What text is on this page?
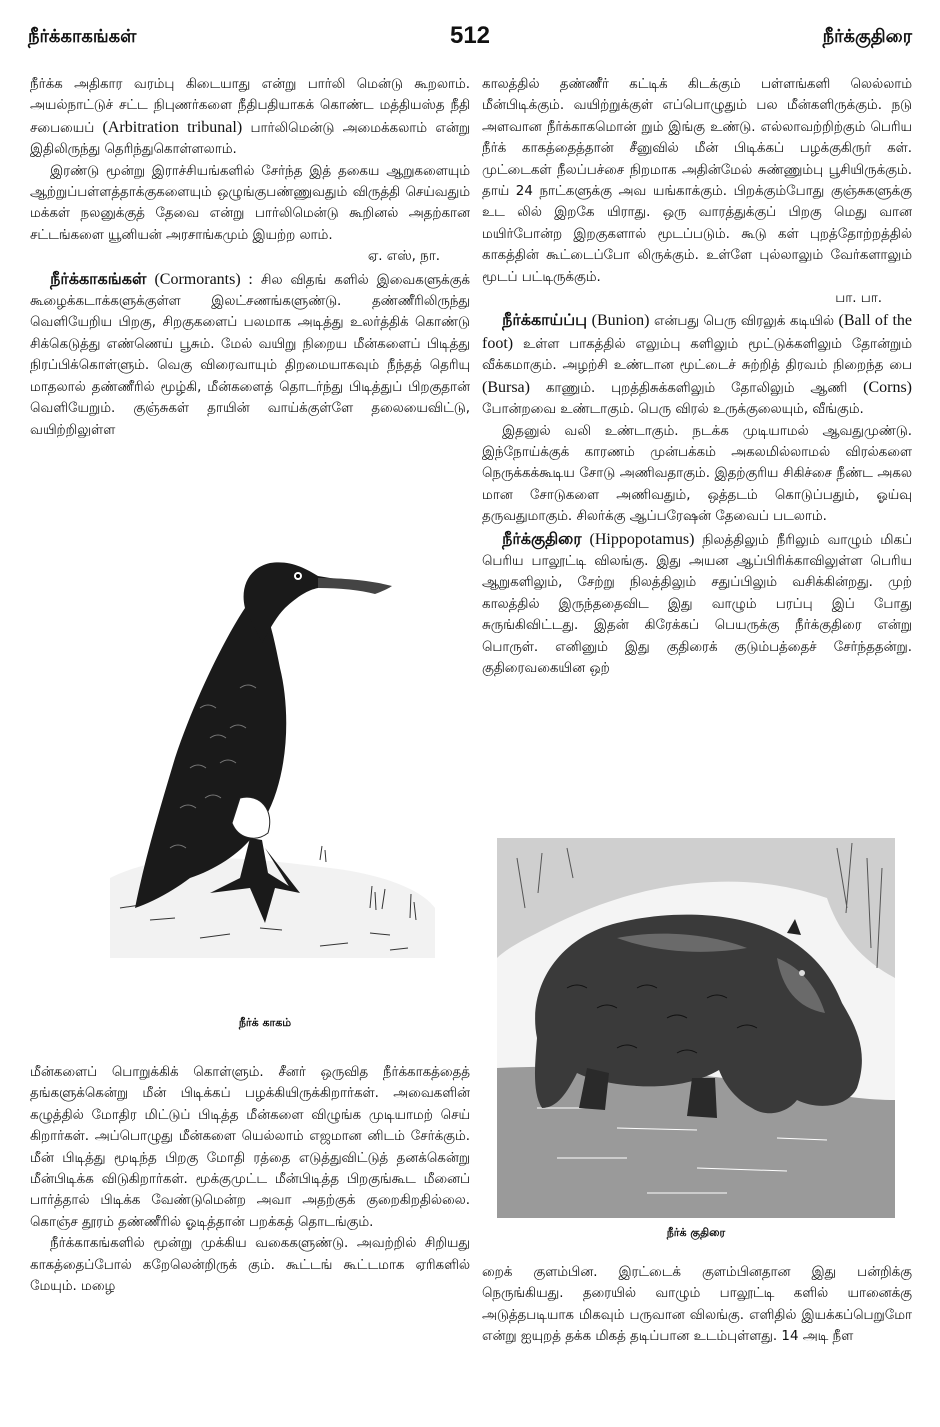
நீர்க்காகங்கள்	512	நீர்க்குதிரை

நீர்க்க அதிகார வரம்பு கிடையாது என்று பார்லி மென்டு கூறலாம். அயல்நாட்டுச் சட்ட நிபுணர்களை நீதிபதியாகக் கொண்ட மத்தியஸ்த நீதி சபையைப் (Arbitration tribunal) பார்லிமென்டு அமைக்கலாம் என்று இதிலிருந்து தெரிந்துகொள்ளலாம்.

இரண்டு மூன்று இராச்சியங்களில் சேர்ந்த இத் தகைய ஆறுகளையும் ஆற்றுப்பள்ளத்தாக்குகளையும் ஒழுங்குபண்ணுவதும் விருத்தி செய்வதும் மக்கள் நலனுக்குத் தேவை என்று பார்லிமென்டு கூறினல் அதற்கான சட்டங்களை யூனியன் அரசாங்கமும் இயற்ற லாம்.

ஏ. எஸ், நா.

நீர்க்காகங்கள் (Cormorants) : சில விதங் களில் இவைகளுக்குக் கூழைக்கடாக்களுக்குள்ள இலட்சணங்களுண்டு. தண்ணீரிலிருந்து வெளியேறிய பிறகு, சிறகுகளைப் பலமாக அடித்து உலர்த்திக் கொண்டு சிக்கெடுத்து எண்ணெய் பூசும். மேல் வயிறு நிறைய மீன்களைப் பிடித்து நிரப்பிக்கொள்ளும். வெகு விரைவாயும் திறமையாகவும் நீந்தத் தெரியு மாதலால் தண்ணீரில் மூழ்கி, மீன்களைத் தொடர்ந்து பிடித்துப் பிறகுதான் வெளியேறும். குஞ்சுகள் தாயின் வாய்க்குள்ளே தலையைவிட்டு, வயிற்றிலுள்ள

நீர்க் காகம்

மீன்களைப் பொறுக்கிக் கொள்ளும். சீனர் ஒருவித நீர்க்காகத்தைத் தங்களுக்கென்று மீன் பிடிக்கப் பழக்கியிருக்கிறார்கள். அவைகளின் கழுத்தில் மோதிர மிட்டுப் பிடித்த மீன்களை விழுங்க முடியாமற் செய் கிறார்கள். அப்பொழுது மீன்களை யெல்லாம் எஜமான னிடம் சேர்க்கும். மீன் பிடித்து மூடிந்த பிறகு மோதி ரத்தை எடுத்துவிட்டுத் தனக்கென்று மீன்பிடிக்க விடுகிறார்கள். மூக்குமுட்ட மீன்பிடித்த பிறகுங்கூட மீனைப் பார்த்தால் பிடிக்க வேண்டுமென்ற அவா அதற்குக் குறைகிறதில்லை. கொஞ்ச தூரம் தண்ணீரில் ஓடித்தான் பறக்கத் தொடங்கும்.

நீர்க்காகங்களில் மூன்று முக்கிய வகைகளுண்டு. அவற்றில் சிறியது காகத்தைப்போல் கறேலென்றிருக் கும். கூட்டங் கூட்டமாக ஏரிகளில் மேயும். மழை

காலத்தில் தண்ணீர் கட்டிக் கிடக்கும் பள்ளங்களி லெல்லாம் மீன்பிடிக்கும். வயிற்றுக்குள் எப்பொழுதும் பல மீன்களிருக்கும். நடு அளவான நீர்க்காகமொன் றும் இங்கு உண்டு. எல்லாவற்றிற்கும் பெரிய நீர்க் காகத்தைத்தான் சீனுவில் மீன் பிடிக்கப் பழக்குகிருர் கள். முட்டைகள் நீலப்பச்சை நிறமாக அதின்மேல் சுண்ணும்பு பூசியிருக்கும். தாய் 24 நாட்களுக்கு அவ யங்காக்கும். பிறக்கும்போது குஞ்சுகளுக்கு உட லில் இறகே யிராது. ஒரு வாரத்துக்குப் பிறகு மெது வான மயிர்போன்ற இறகுகளால் மூடப்படும். கூடு கள் புறத்தோற்றத்தில் காகத்தின் கூட்டைப்போ லிருக்கும். உள்ளே புல்லாலும் வேர்களாலும் மூடப் பட்டிருக்கும்.

பா. பா.

நீர்க்காய்ப்பு (Bunion) என்பது பெரு விரலுக் கடியில் (Ball of the foot) உள்ள பாகத்தில் எலும்பு களிலும் மூட்டுக்களிலும் தோன்றும் வீக்கமாகும். அழற்சி உண்டான மூட்டைச் சுற்றித் திரவம் நிறைந்த பை (Bursa) காணும். புறத்திசுக்களிலும் தோலிலும் ஆணி (Corns) போன்றவை உண்டாகும். பெரு விரல் உருக்குலையும், வீங்கும்.

இதனுல் வலி உண்டாகும். நடக்க முடியாமல் ஆவதுமுண்டு. இந்நோய்க்குக் காரணம் முன்பக்கம் அகலமில்லாமல் விரல்களை நெருக்கக்கூடிய சோடு அணிவதாகும். இதற்குரிய சிகிச்சை நீண்ட அகல மான சோடுகளை அணிவதும், ஒத்தடம் கொடுப்பதும், ஓய்வு தருவதுமாகும். சிலர்க்கு ஆப்பரேஷன் தேவைப் படலாம்.

நீர்க்குதிரை (Hippopotamus) நிலத்திலும் நீரிலும் வாழும் மிகப் பெரிய பாலூட்டி விலங்கு. இது அயன ஆப்பிரிக்காவிலுள்ள பெரிய ஆறுகளிலும், சேற்று நிலத்திலும் சதுப்பிலும் வசிக்கின்றது. முற் காலத்தில் இருந்ததைவிட இது வாழும் பரப்பு இப் போது சுருங்கிவிட்டது. இதன் கிரேக்கப் பெயருக்கு நீர்க்குதிரை என்று பொருள். எனினும் இது குதிரைக் குடும்பத்தைச் சேர்ந்ததன்று. குதிரைவகையின ஒற்

நீர்க் குதிரை

றைக் குளம்பின. இரட்டைக் குளம்பினதான இது பன்றிக்கு நெருங்கியது. தரையில் வாழும் பாலூட்டி களில் யானைக்கு அடுத்தபடியாக மிகவும் பருவான விலங்கு. எளிதில் இயக்கப்பெறுமோ என்று ஐயுறத் தக்க மிகத் தடிப்பான உடம்புள்ளது. 14 அடி நீள
